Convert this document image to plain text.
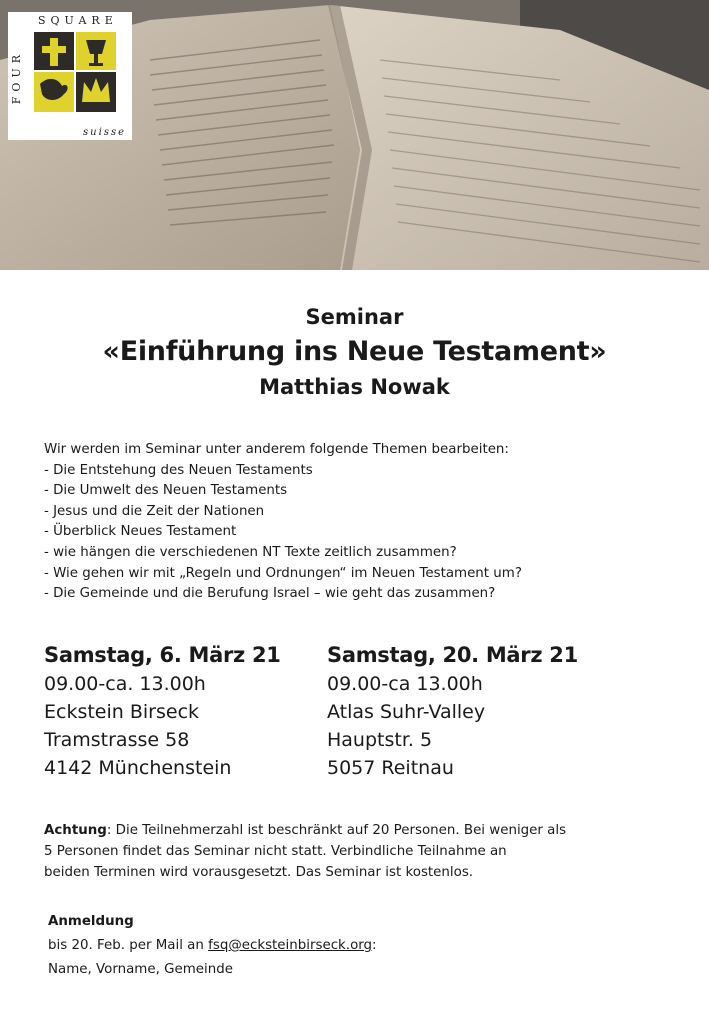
SQUARE
FOUR
suisse
Seminar
«Einführung ins Neue Testament»
Matthias Nowak
Wir werden im Seminar unter anderem folgende Themen bearbeiten:
- Die Entstehung des Neuen Testaments
- Die Umwelt des Neuen Testaments
- Jesus und die Zeit der Nationen
- Überblick Neues Testament
- wie hängen die verschiedenen NT Texte zeitlich zusammen?
- Wie gehen wir mit „Regeln und Ordnungen“ im Neuen Testament um?
- Die Gemeinde und die Berufung Israel – wie geht das zusammen?
Samstag, 6. März 21
09.00-ca. 13.00h
Eckstein Birseck
Tramstrasse 58
4142 Münchenstein
Samstag, 20. März 21
09.00-ca 13.00h
Atlas Suhr-Valley
Hauptstr. 5
5057 Reitnau
Achtung: Die Teilnehmerzahl ist beschränkt auf 20 Personen. Bei weniger als
5 Personen findet das Seminar nicht statt. Verbindliche Teilnahme an
beiden Terminen wird vorausgesetzt. Das Seminar ist kostenlos.
Anmeldung
bis 20. Feb. per Mail an fsq@ecksteinbirseck.org:
Name, Vorname, Gemeinde
